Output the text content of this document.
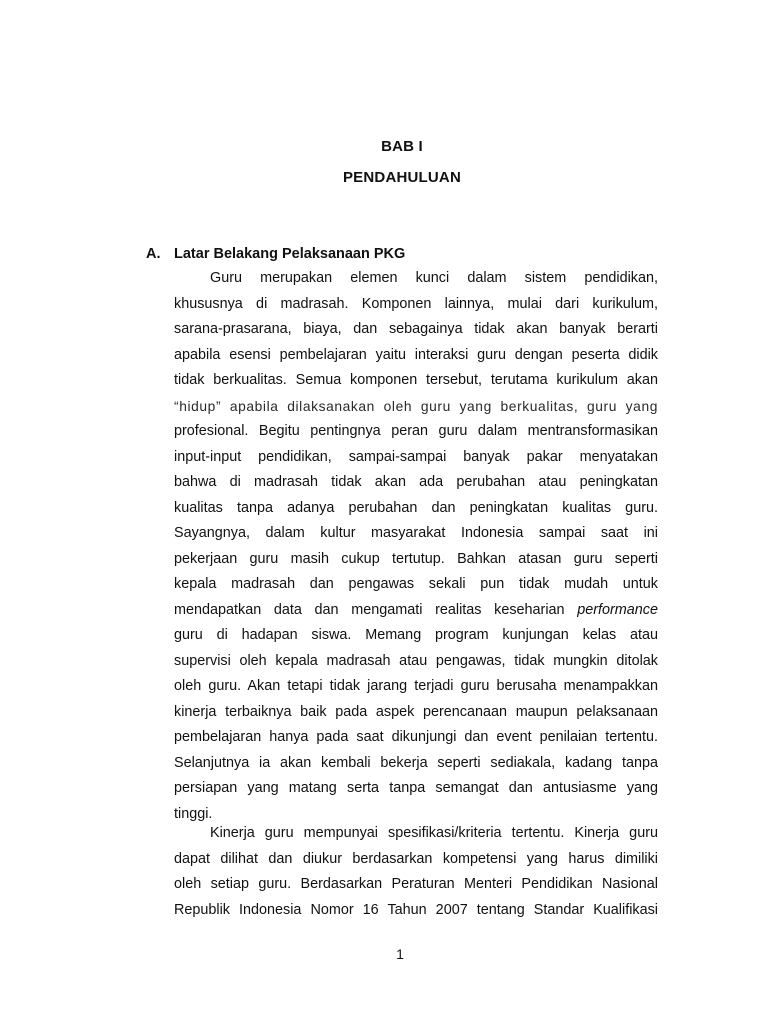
BAB I
PENDAHULUAN
A. Latar Belakang Pelaksanaan PKG
Guru merupakan elemen kunci dalam sistem pendidikan,
khususnya di madrasah. Komponen lainnya, mulai dari kurikulum,
sarana-prasarana, biaya, dan sebagainya tidak akan banyak berarti
apabila esensi pembelajaran yaitu interaksi guru dengan peserta didik
tidak berkualitas. Semua komponen tersebut, terutama kurikulum akan
“hidup” apabila dilaksanakan oleh guru yang berkualitas, guru yang
profesional. Begitu pentingnya peran guru dalam mentransformasikan
input-input pendidikan, sampai-sampai banyak pakar menyatakan
bahwa di madrasah tidak akan ada perubahan atau peningkatan
kualitas tanpa adanya perubahan dan peningkatan kualitas guru.
Sayangnya, dalam kultur masyarakat Indonesia sampai saat ini
pekerjaan guru masih cukup tertutup. Bahkan atasan guru seperti
kepala madrasah dan pengawas sekali pun tidak mudah untuk
mendapatkan data dan mengamati realitas keseharian performance
guru di hadapan siswa. Memang program kunjungan kelas atau
supervisi oleh kepala madrasah atau pengawas, tidak mungkin ditolak
oleh guru. Akan tetapi tidak jarang terjadi guru berusaha menampakkan
kinerja terbaiknya baik pada aspek perencanaan maupun pelaksanaan
pembelajaran hanya pada saat dikunjungi dan event penilaian tertentu.
Selanjutnya ia akan kembali bekerja seperti sediakala, kadang tanpa
persiapan yang matang serta tanpa semangat dan antusiasme yang
tinggi.
Kinerja guru mempunyai spesifikasi/kriteria tertentu. Kinerja guru
dapat dilihat dan diukur berdasarkan kompetensi yang harus dimiliki
oleh setiap guru. Berdasarkan Peraturan Menteri Pendidikan Nasional
Republik Indonesia Nomor 16 Tahun 2007 tentang Standar Kualifikasi
1
